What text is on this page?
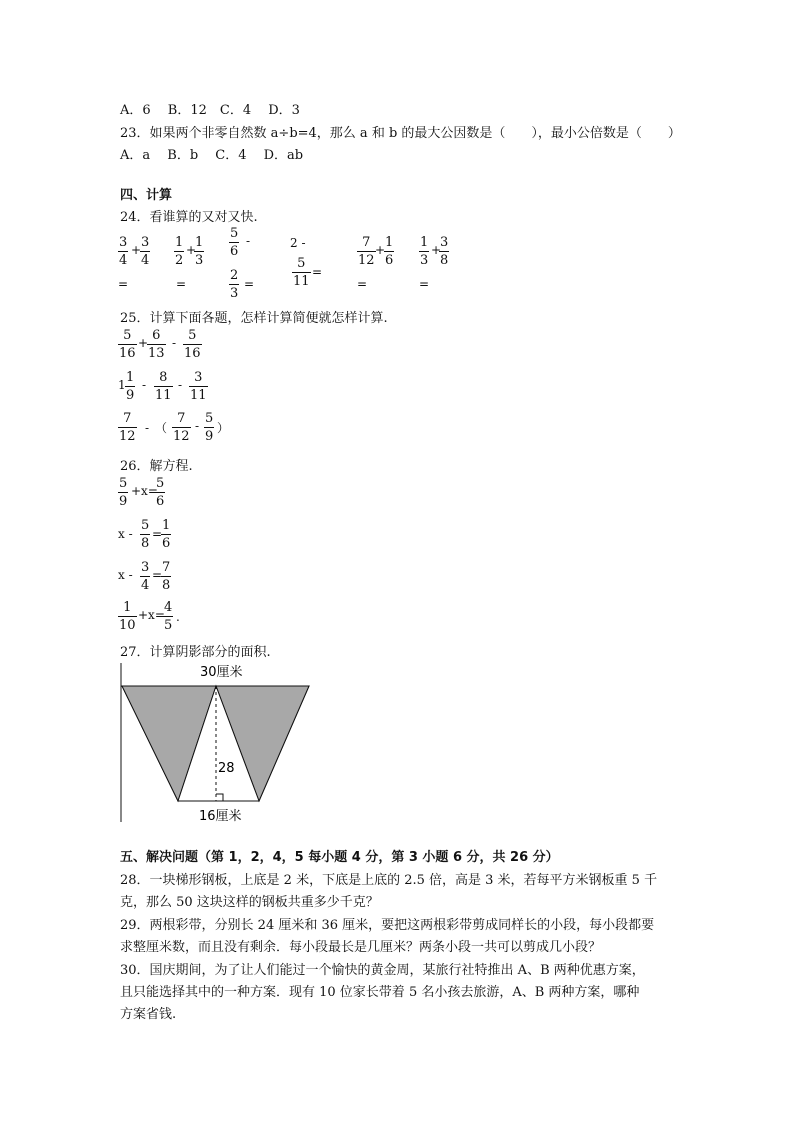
A．6　 B．12　C．4　 D．3
23．如果两个非零自然数 a÷b=4，那么 a 和 b 的最大公因数是（　　），最小公倍数是（　　）
A．a　 B．b　 C．4　 D．ab
四、计算
24．看谁算的又对又快.
3
4
+ 3
4
=
1
2
+
1
3
=
5
6
-
2
3
=
2 -
5
11
=
7
12
+ 1
6
=
1
3
+
3
8
=
25．计算下面各题，怎样计算简便就怎样计算.
5
16
+ 6
13
- 5
16
1 1
9
- 8
11
- 3
11
7
12
-　（
7
12
- 5
9
）
26．解方程.
5
9
+x=
5
6
x -
5
8
=
1
6
x - 3
4
= 7
8
1
10
+x= 4
5
.
27．计算阴影部分的面积.
30厘米
28
16厘米
五、解决问题（第 1，2，4，5 每小题 4 分，第 3 小题 6 分，共 26 分）
28．一块梯形钢板，上底是 2 米，下底是上底的 2.5 倍，高是 3 米，若每平方米钢板重 5 千
克，那么 50 这块这样的钢板共重多少千克？
29．两根彩带，分别长 24 厘米和 36 厘米，要把这两根彩带剪成同样长的小段，每小段都要
求整厘米数，而且没有剩余．每小段最长是几厘米？两条小段一共可以剪成几小段？
30．国庆期间，为了让人们能过一个愉快的黄金周，某旅行社特推出 A、B 两种优惠方案，
且只能选择其中的一种方案．现有 10 位家长带着 5 名小孩去旅游，A、B 两种方案，哪种
方案省钱.
